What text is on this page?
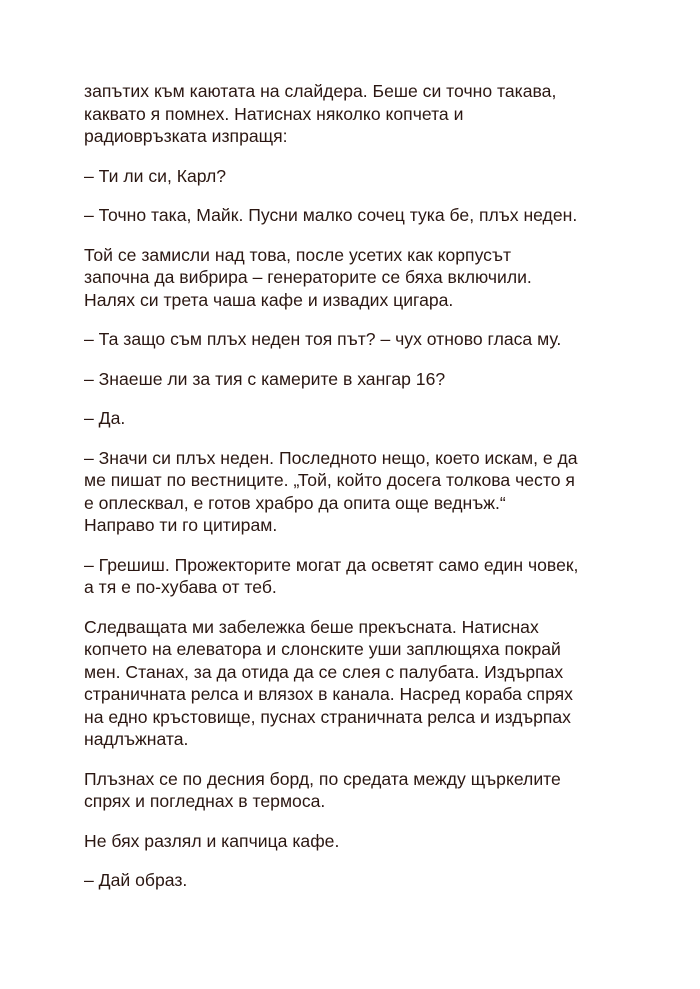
запътих към каютата на слайдера. Беше си точно такава,
каквато я помнех. Натиснах няколко копчета и
радиовръзката изпращя:

– Ти ли си, Карл?

– Точно така, Майк. Пусни малко сочец тука бе, плъх неден.

Той се замисли над това, после усетих как корпусът
започна да вибрира – генераторите се бяха включили.
Налях си трета чаша кафе и извадих цигара.

– Та защо съм плъх неден тоя път? – чух отново гласа му.

– Знаеше ли за тия с камерите в хангар 16?

– Да.

– Значи си плъх неден. Последното нещо, което искам, е да
ме пишат по вестниците. „Той, който досега толкова често я
е оплесквал, е готов храбро да опита още веднъж.“
Направо ти го цитирам.

– Грешиш. Прожекторите могат да осветят само един човек,
а тя е по-хубава от теб.

Следващата ми забележка беше прекъсната. Натиснах
копчето на елеватора и слонските уши заплющяха покрай
мен. Станах, за да отида да се слея с палубата. Издърпах
страничната релса и влязох в канала. Насред кораба спрях
на едно кръстовище, пуснах страничната релса и издърпах
надлъжната.

Плъзнах се по десния борд, по средата между щъркелите
спрях и погледнах в термоса.

Не бях разлял и капчица кафе.

– Дай образ.
